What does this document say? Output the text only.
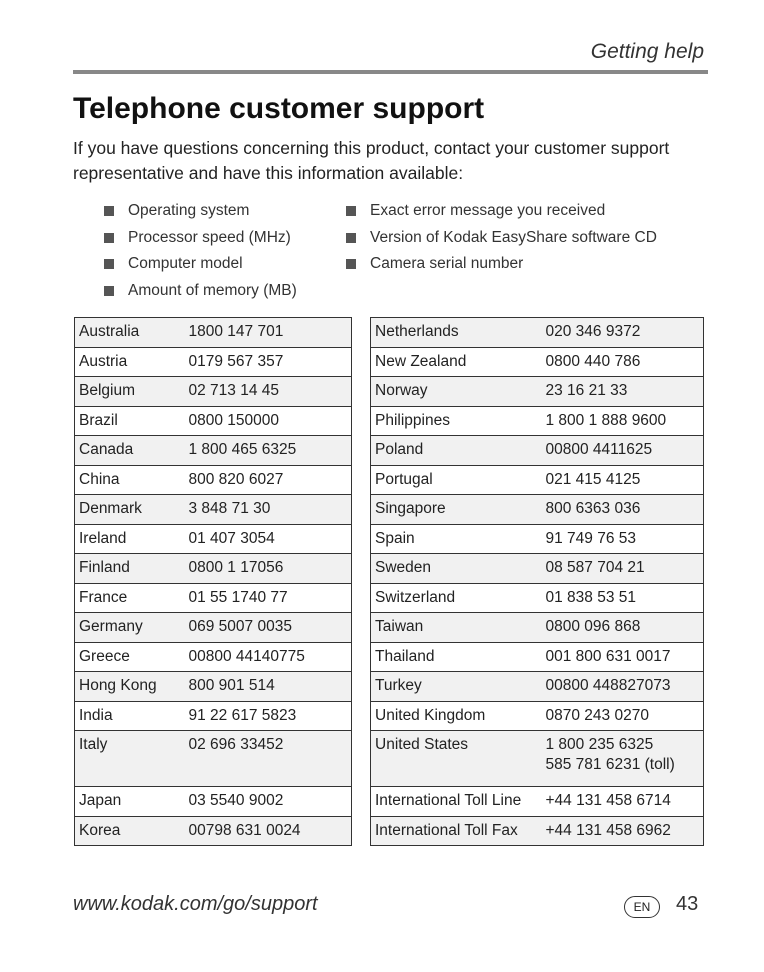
Getting help
Telephone customer support

If you have questions concerning this product, contact your customer support representative and have this information available:

Operating system
Processor speed (MHz)
Computer model
Amount of memory (MB)
Exact error message you received
Version of Kodak EasyShare software CD
Camera serial number
Australia	1800 147 701

Austria	0179 567 357

Belgium	02 713 14 45

Brazil	0800 150000

Canada	1 800 465 6325

China	800 820 6027

Denmark	3 848 71 30

Ireland	01 407 3054

Finland	0800 1 17056

France	01 55 1740 77

Germany	069 5007 0035

Greece	00800 44140775

Hong Kong	800 901 514

India	91 22 617 5823

Italy	02 696 33452

Japan	03 5540 9002

Korea	00798 631 0024
Netherlands	020 346 9372

New Zealand	0800 440 786

Norway	23 16 21 33

Philippines	1 800 1 888 9600

Poland	00800 4411625

Portugal	021 415 4125

Singapore	800 6363 036

Spain	91 749 76 53

Sweden	08 587 704 21

Switzerland	01 838 53 51

Taiwan	0800 096 868

Thailand	001 800 631 0017

Turkey	00800 448827073

United Kingdom	0870 243 0270

United States	1 800 235 6325
585 781 6231 (toll)

International Toll Line	+44 131 458 6714

International Toll Fax	+44 131 458 6962
www.kodak.com/go/support	EN	43
